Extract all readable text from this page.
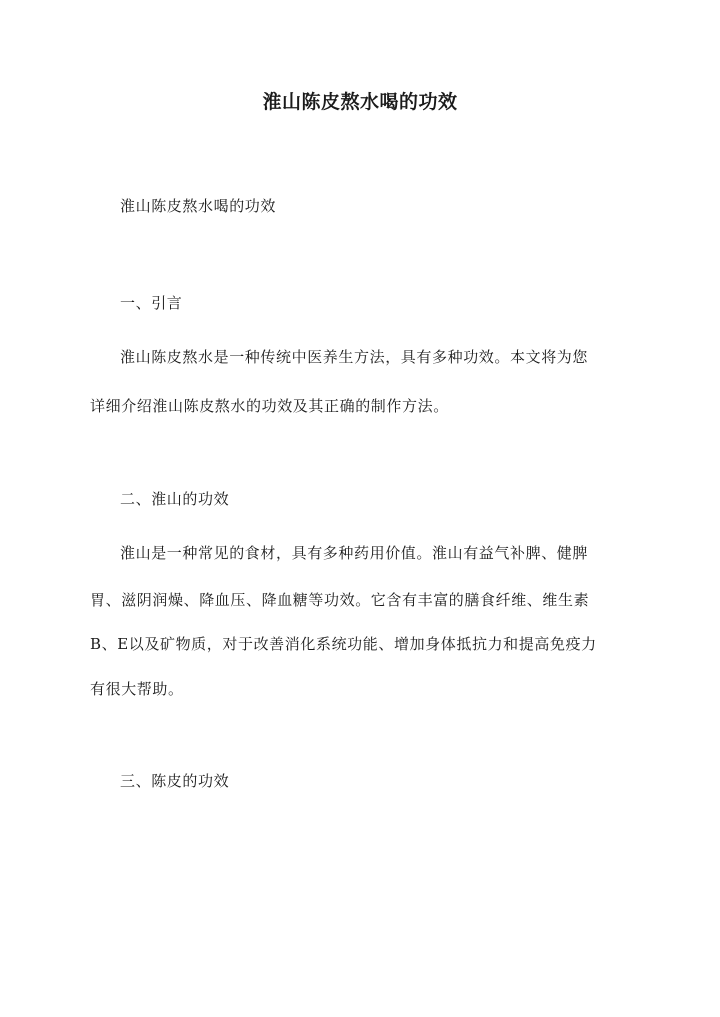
淮山陈皮熬水喝的功效

淮山陈皮熬水喝的功效

一、引言

淮山陈皮熬水是一种传统中医养生方法，具有多种功效。本文将为您

详细介绍淮山陈皮熬水的功效及其正确的制作方法。

二、淮山的功效

淮山是一种常见的食材，具有多种药用价值。淮山有益气补脾、健脾

胃、滋阴润燥、降血压、降血糖等功效。它含有丰富的膳食纤维、维生素

B、E以及矿物质，对于改善消化系统功能、增加身体抵抗力和提高免疫力

有很大帮助。

三、陈皮的功效
